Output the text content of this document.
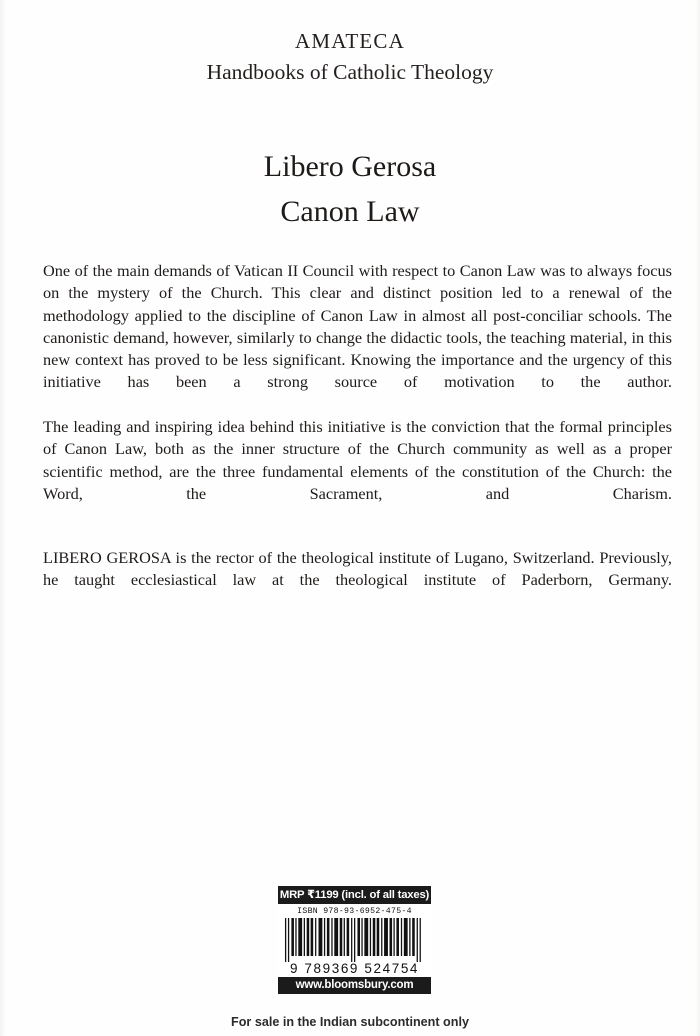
AMATECA
Handbooks of Catholic Theology
Libero Gerosa
Canon Law

One of the main demands of Vatican II Council with respect to Canon Law was to always focus on the mystery of the Church. This clear and distinct position led to a renewal of the methodology applied to the discipline of Canon Law in almost all post-conciliar schools. The canonistic demand, however, similarly to change the didactic tools, the teaching material, in this new context has proved to be less significant. Knowing the importance and the urgency of this initiative has been a strong source of motivation to the author.

The leading and inspiring idea behind this initiative is the conviction that the formal principles of Canon Law, both as the inner structure of the Church community as well as a proper scientific method, are the three fundamental elements of the constitution of the Church: the Word, the Sacrament, and Charism.

LIBERO GEROSA is the rector of the theological institute of Lugano, Switzerland. Previously, he taught ecclesiastical law at the theological institute of Paderborn, Germany.

MRP ₹1199 (incl. of all taxes)
ISBN 978-93-6952-475-4
9 789369 524754
www.bloomsbury.com
For sale in the Indian subcontinent only
